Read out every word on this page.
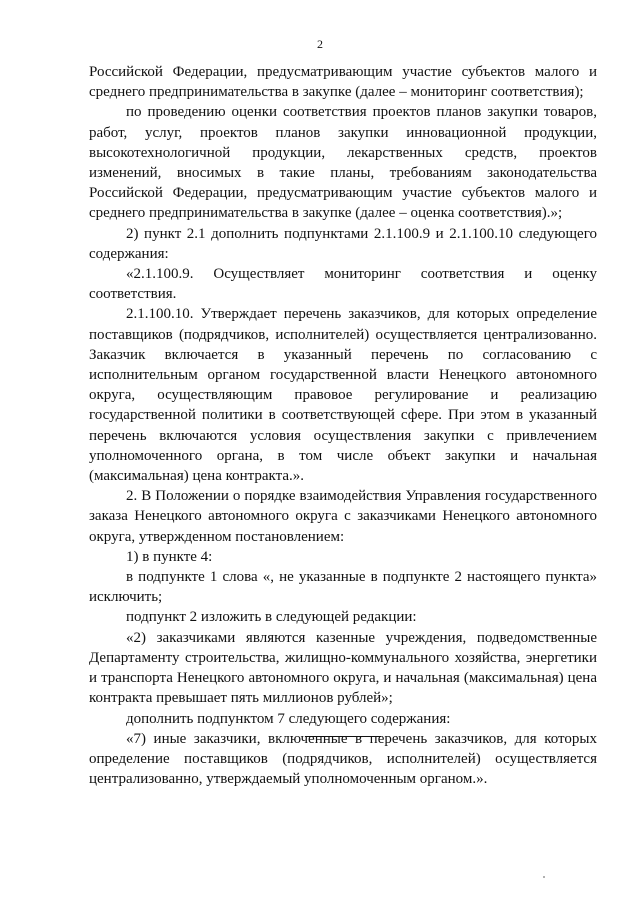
2

Российской Федерации, предусматривающим участие субъектов малого и среднего предпринимательства в закупке (далее – мониторинг соответствия);

по проведению оценки соответствия проектов планов закупки товаров, работ, услуг, проектов планов закупки инновационной продукции, высокотехнологичной продукции, лекарственных средств, проектов изменений, вносимых в такие планы, требованиям законодательства Российской Федерации, предусматривающим участие субъектов малого и среднего предпринимательства в закупке (далее – оценка соответствия).»;

2) пункт 2.1 дополнить подпунктами 2.1.100.9 и 2.1.100.10 следующего содержания:

«2.1.100.9. Осуществляет мониторинг соответствия и оценку соответствия.

2.1.100.10. Утверждает перечень заказчиков, для которых определение поставщиков (подрядчиков, исполнителей) осуществляется централизованно. Заказчик включается в указанный перечень по согласованию с исполнительным органом государственной власти Ненецкого автономного округа, осуществляющим правовое регулирование и реализацию государственной политики в соответствующей сфере. При этом в указанный перечень включаются условия осуществления закупки с привлечением уполномоченного органа, в том числе объект закупки и начальная (максимальная) цена контракта.».

2. В Положении о порядке взаимодействия Управления государственного заказа Ненецкого автономного округа с заказчиками Ненецкого автономного округа, утвержденном постановлением:

1) в пункте 4:

в подпункте 1 слова «, не указанные в подпункте 2 настоящего пункта» исключить;

подпункт 2 изложить в следующей редакции:

«2) заказчиками являются казенные учреждения, подведомственные Департаменту строительства, жилищно-коммунального хозяйства, энергетики и транспорта Ненецкого автономного округа, и начальная (максимальная) цена контракта превышает пять миллионов рублей»;

дополнить подпунктом 7 следующего содержания:

«7) иные заказчики, включенные в перечень заказчиков, для которых определение поставщиков (подрядчиков, исполнителей) осуществляется централизованно, утверждаемый уполномоченным органом.».
